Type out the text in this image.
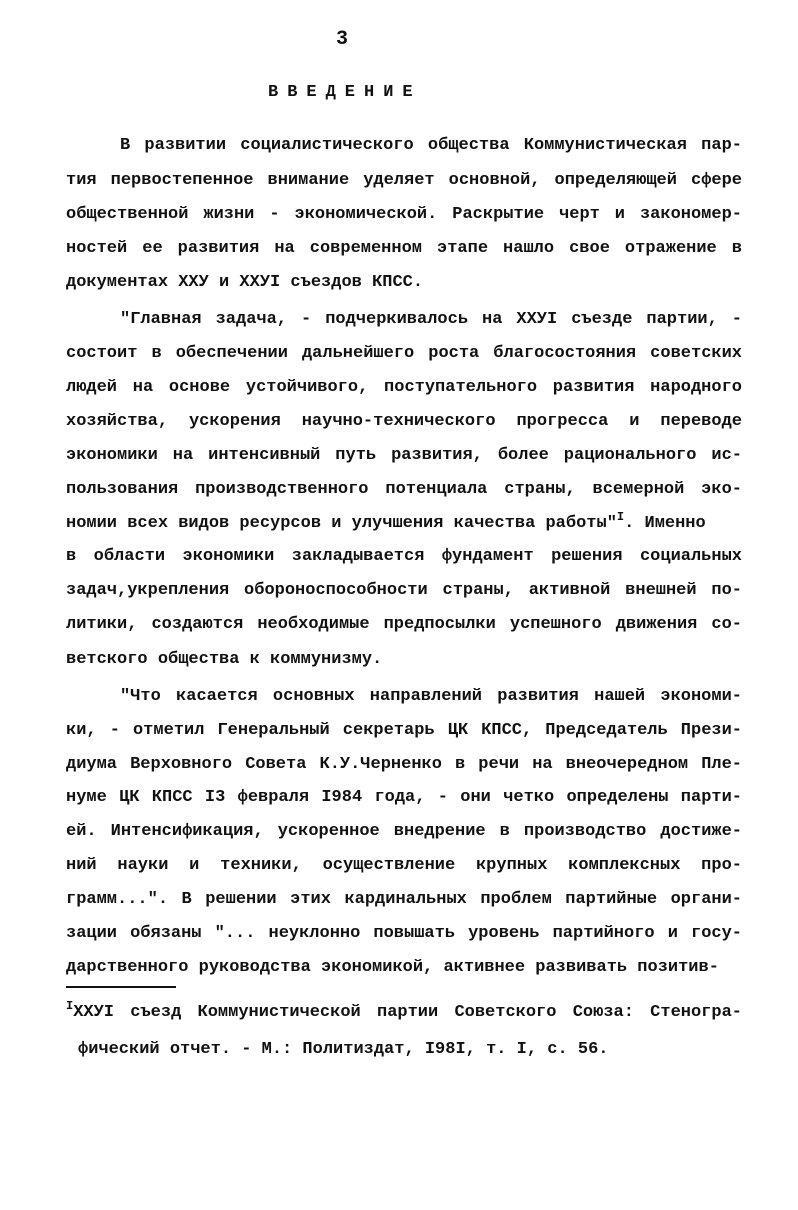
3
ВВЕДЕНИЕ
В развитии социалистического общества Коммунистическая пар-
тия первостепенное внимание уделяет основной, определяющей сфере
общественной жизни - экономической. Раскрытие черт и закономер-
ностей ее развития на современном этапе нашло свое отражение в
документах XXУ и XXУI съездов КПСС.
"Главная задача, - подчеркивалось на XXУI съезде партии, -
состоит в обеспечении дальнейшего роста благосостояния советских
людей на основе устойчивого, поступательного развития народного
хозяйства, ускорения научно-технического прогресса и переводе
экономики на интенсивный путь развития, более рационального ис-
пользования производственного потенциала страны, всемерной эко-
номии всех видов ресурсов и улучшения качества работы"$^I$. Именно
в области экономики закладывается фундамент решения социальных
задач,укрепления обороноспособности страны, активной внешней по-
литики, создаются необходимые предпосылки успешного движения со-
ветского общества к коммунизму.
"Что касается основных направлений развития нашей экономи-
ки, - отметил Генеральный секретарь ЦК КПСС, Председатель Прези-
диума Верховного Совета К.У.Черненко в речи на внеочередном Пле-
нуме ЦК КПСС I3 февраля I984 года, - они четко определены парти-
ей. Интенсификация, ускоренное внедрение в производство достиже-
ний науки и техники, осуществление крупных комплексных про-
грамм...". В решении этих кардинальных проблем партийные органи-
зации обязаны "... неуклонно повышать уровень партийного и госу-
дарственного руководства экономикой, активнее развивать позитив-
$^I$XXУI съезд Коммунистической партии Советского Союза: Стеногра-
фический отчет. - М.: Политиздат, I98I, т. I, с. 56.
